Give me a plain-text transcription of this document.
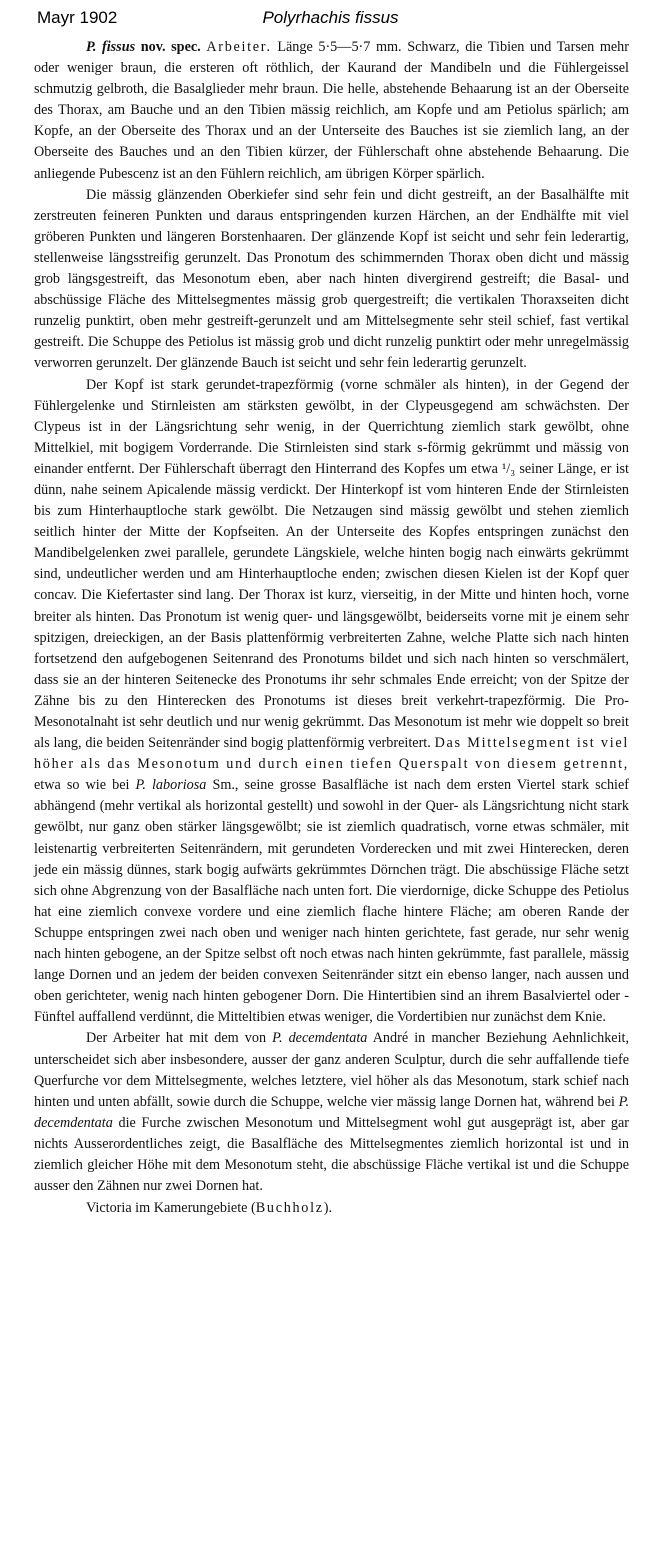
Mayr 1902	Polyrhachis fissus

P. fissus nov. spec. Arbeiter. Länge 5·5—5·7 mm. Schwarz, die Tibien und Tarsen mehr oder weniger braun, die ersteren oft röthlich, der Kaurand der Mandibeln und die Fühlergeissel schmutzig gelbroth, die Basalglieder mehr braun. Die helle, abstehende Behaarung ist an der Oberseite des Thorax, am Bauche und an den Tibien mässig reichlich, am Kopfe und am Petiolus spärlich; am Kopfe, an der Oberseite des Thorax und an der Unterseite des Bauches ist sie ziemlich lang, an der Oberseite des Bauches und an den Tibien kürzer, der Fühlerschaft ohne abstehende Behaarung. Die anliegende Pubescenz ist an den Fühlern reichlich, am übrigen Körper spärlich.

Die mässig glänzenden Oberkiefer sind sehr fein und dicht gestreift, an der Basalhälfte mit zerstreuten feineren Punkten und daraus entspringenden kurzen Härchen, an der Endhälfte mit viel gröberen Punkten und längeren Borstenhaaren. Der glänzende Kopf ist seicht und sehr fein lederartig, stellenweise längsstreifig gerunzelt. Das Pronotum des schimmernden Thorax oben dicht und mässig grob längsgestreift, das Mesonotum eben, aber nach hinten divergirend gestreift; die Basal- und abschüssige Fläche des Mittelsegmentes mässig grob quergestreift; die vertikalen Thoraxseiten dicht runzelig punktirt, oben mehr gestreift-gerunzelt und am Mittelsegmente sehr steil schief, fast vertikal gestreift. Die Schuppe des Petiolus ist mässig grob und dicht runzelig punktirt oder mehr unregelmässig verworren gerunzelt. Der glänzende Bauch ist seicht und sehr fein lederartig gerunzelt.

Der Kopf ist stark gerundet-trapezförmig (vorne schmäler als hinten), in der Gegend der Fühlergelenke und Stirnleisten am stärksten gewölbt, in der Clypeusgegend am schwächsten. Der Clypeus ist in der Längsrichtung sehr wenig, in der Querrichtung ziemlich stark gewölbt, ohne Mittelkiel, mit bogigem Vorderrande. Die Stirnleisten sind stark s-förmig gekrümmt und mässig von einander entfernt. Der Fühlerschaft überragt den Hinterrand des Kopfes um etwa ¹/₃ seiner Länge, er ist dünn, nahe seinem Apicalende mässig verdickt. Der Hinterkopf ist vom hinteren Ende der Stirnleisten bis zum Hinterhauptloche stark gewölbt. Die Netzaugen sind mässig gewölbt und stehen ziemlich seitlich hinter der Mitte der Kopfseiten. An der Unterseite des Kopfes entspringen zunächst den Mandibelgelenken zwei parallele, gerundete Längskiele, welche hinten bogig nach einwärts gekrümmt sind, undeutlicher werden und am Hinterhauptloche enden; zwischen diesen Kielen ist der Kopf quer concav. Die Kiefertaster sind lang. Der Thorax ist kurz, vierseitig, in der Mitte und hinten hoch, vorne breiter als hinten. Das Pronotum ist wenig quer- und längsgewölbt, beiderseits vorne mit je einem sehr spitzigen, dreieckigen, an der Basis plattenförmig verbreiterten Zahne, welche Platte sich nach hinten fortsetzend den aufgebogenen Seitenrand des Pronotums bildet und sich nach hinten so verschmälert, dass sie an der hinteren Seitenecke des Pronotums ihr sehr schmales Ende erreicht; von der Spitze der Zähne bis zu den Hinterecken des Pronotums ist dieses breit verkehrt-trapezförmig. Die Pro-Mesonotalnaht ist sehr deutlich und nur wenig gekrümmt. Das Mesonotum ist mehr wie doppelt so breit als lang, die beiden Seitenränder sind bogig plattenförmig verbreitert. Das Mittelsegment ist viel höher als das Mesonotum und durch einen tiefen Querspalt von diesem getrennt, etwa so wie bei P. laboriosa Sm., seine grosse Basalfläche ist nach dem ersten Viertel stark schief abhängend (mehr vertikal als horizontal gestellt) und sowohl in der Quer- als Längsrichtung nicht stark gewölbt, nur ganz oben stärker längsgewölbt; sie ist ziemlich quadratisch, vorne etwas schmäler, mit leistenartig verbreiterten Seitenrändern, mit gerundeten Vorderecken und mit zwei Hinterecken, deren jede ein mässig dünnes, stark bogig aufwärts gekrümmtes Dörnchen trägt. Die abschüssige Fläche setzt sich ohne Abgrenzung von der Basalfläche nach unten fort. Die vierdornige, dicke Schuppe des Petiolus hat eine ziemlich convexe vordere und eine ziemlich flache hintere Fläche; am oberen Rande der Schuppe entspringen zwei nach oben und weniger nach hinten gerichtete, fast gerade, nur sehr wenig nach hinten gebogene, an der Spitze selbst oft noch etwas nach hinten gekrümmte, fast parallele, mässig lange Dornen und an jedem der beiden convexen Seitenränder sitzt ein ebenso langer, nach aussen und oben gerichteter, wenig nach hinten gebogener Dorn. Die Hintertibien sind an ihrem Basalviertel oder -Fünftel auffallend verdünnt, die Mitteltibien etwas weniger, die Vordertibien nur zunächst dem Knie.

Der Arbeiter hat mit dem von P. decemdentata André in mancher Beziehung Aehnlichkeit, unterscheidet sich aber insbesondere, ausser der ganz anderen Sculptur, durch die sehr auffallende tiefe Querfurche vor dem Mittelsegmente, welches letztere, viel höher als das Mesonotum, stark schief nach hinten und unten abfällt, sowie durch die Schuppe, welche vier mässig lange Dornen hat, während bei P. decemdentata die Furche zwischen Mesonotum und Mittelsegment wohl gut ausgeprägt ist, aber gar nichts Ausserordentliches zeigt, die Basalfläche des Mittelsegmentes ziemlich horizontal ist und in ziemlich gleicher Höhe mit dem Mesonotum steht, die abschüssige Fläche vertikal ist und die Schuppe ausser den Zähnen nur zwei Dornen hat.

Victoria im Kamerungebiete (Buchholz).
